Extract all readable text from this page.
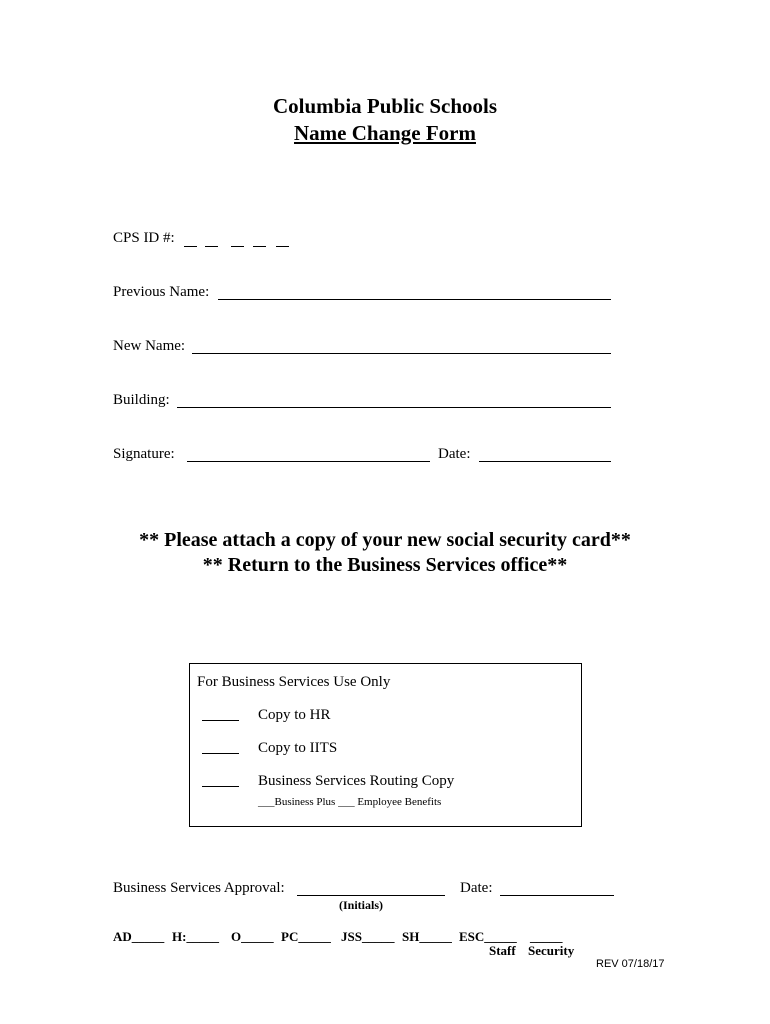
Columbia Public Schools
Name Change Form
CPS ID #:
Previous Name:
New Name:
Building:
Signature:	Date:
** Please attach a copy of your new social security card**
** Return to the Business Services office**
For Business Services Use Only
Copy to HR
Copy to IITS
Business Services Routing Copy
___Business Plus ___ Employee Benefits
Business Services Approval:	Date:
(Initials)
AD_____ H:_____ O_____ PC_____ JSS_____ SH_____ ESC_____ _____
Staff Security
REV 07/18/17
